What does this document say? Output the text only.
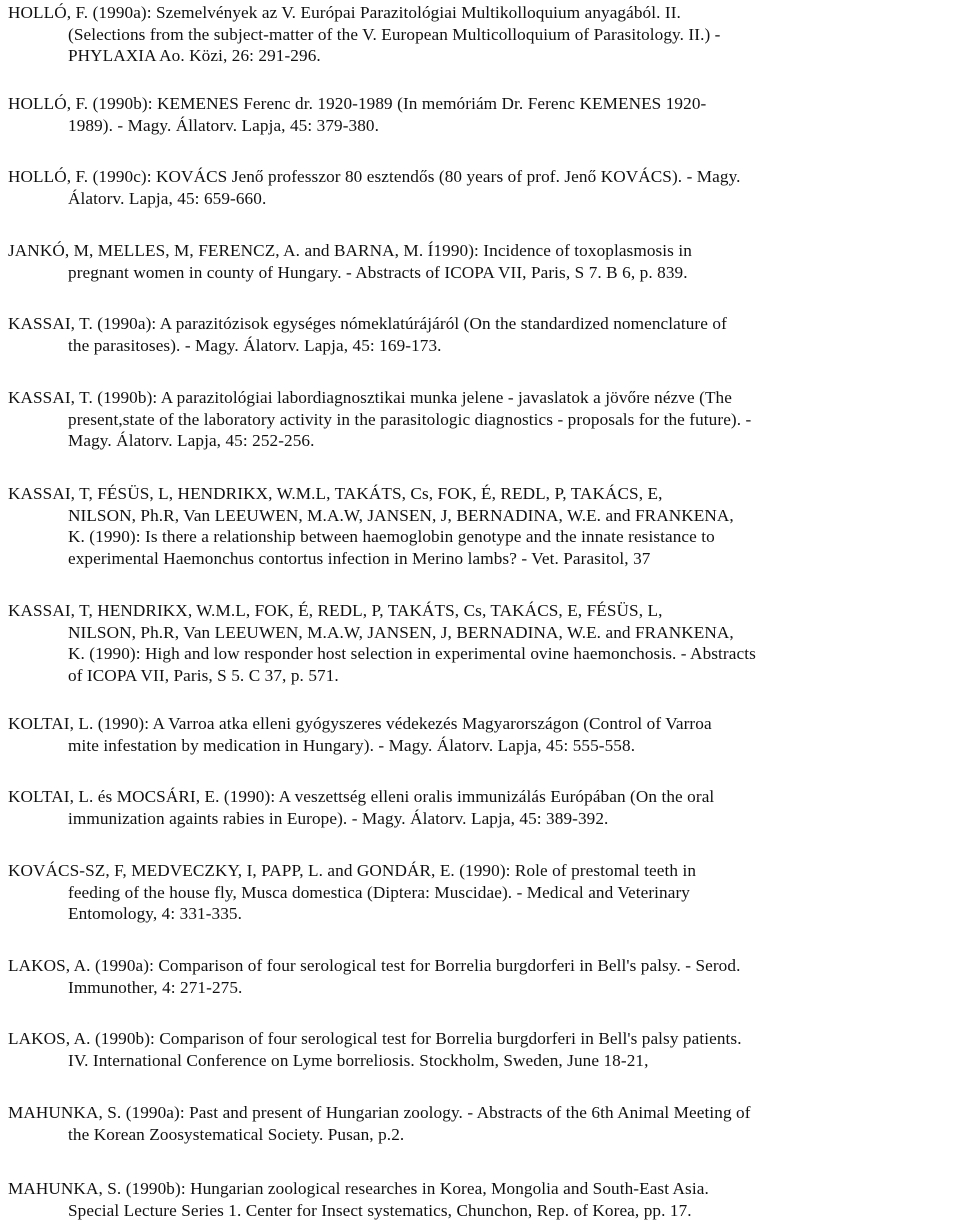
HOLLÓ, F. (1990a): Szemelvények az V. Európai Parazitológiai Multikolloquium anyagából. II.
(Selections from the subject-matter of the V. European Multicolloquium of Parasitology. II.) -
PHYLAXIA Ao. Közi, 26: 291-296.

HOLLÓ, F. (1990b): KEMENES Ferenc dr. 1920-1989 (In memóriám Dr. Ferenc KEMENES 1920-
1989). - Magy. Állatorv. Lapja, 45: 379-380.

HOLLÓ, F. (1990c): KOVÁCS Jenő professzor 80 esztendős (80 years of prof. Jenő KOVÁCS). - Magy.
Álatorv. Lapja, 45: 659-660.

JANKÓ, M, MELLES, M, FERENCZ, A. and BARNA, M. Í1990): Incidence of toxoplasmosis in
pregnant women in county of Hungary. - Abstracts of ICOPA VII, Paris, S 7. B 6, p. 839.

KASSAI, T. (1990a): A parazitózisok egységes nómeklatúrájáról (On the standardized nomenclature of
the parasitoses). - Magy. Álatorv. Lapja, 45: 169-173.

KASSAI, T. (1990b): A parazitológiai labordiagnosztikai munka jelene - javaslatok a jövőre nézve (The
present,state of the laboratory activity in the parasitologic diagnostics - proposals for the future). -
Magy. Álatorv. Lapja, 45: 252-256.

KASSAI, T, FÉSÜS, L, HENDRIKX, W.M.L, TAKÁTS, Cs, FOK, É, REDL, P, TAKÁCS, E,
NILSON, Ph.R, Van LEEUWEN, M.A.W, JANSEN, J, BERNADINA, W.E. and FRANKENA,
K. (1990): Is there a relationship between haemoglobin genotype and the innate resistance to
experimental Haemonchus contortus infection in Merino lambs? - Vet. Parasitol, 37

KASSAI, T, HENDRIKX, W.M.L, FOK, É, REDL, P, TAKÁTS, Cs, TAKÁCS, E, FÉSÜS, L,
NILSON, Ph.R, Van LEEUWEN, M.A.W, JANSEN, J, BERNADINA, W.E. and FRANKENA,
K. (1990): High and low responder host selection in experimental ovine haemonchosis. - Abstracts
of ICOPA VII, Paris, S 5. C 37, p. 571.

KOLTAI, L. (1990): A Varroa atka elleni gyógyszeres védekezés Magyarországon (Control of Varroa
mite infestation by medication in Hungary). - Magy. Álatorv. Lapja, 45: 555-558.

KOLTAI, L. és MOCSÁRI, E. (1990): A veszettség elleni oralis immunizálás Európában (On the oral
immunization againts rabies in Europe). - Magy. Álatorv. Lapja, 45: 389-392.

KOVÁCS-SZ, F, MEDVECZKY, I, PAPP, L. and GONDÁR, E. (1990): Role of prestomal teeth in
feeding of the house fly, Musca domestica (Diptera: Muscidae). - Medical and Veterinary
Entomology, 4: 331-335.

LAKOS, A. (1990a): Comparison of four serological test for Borrelia burgdorferi in Bell's palsy. - Serod.
Immunother, 4: 271-275.

LAKOS, A. (1990b): Comparison of four serological test for Borrelia burgdorferi in Bell's palsy patients.
IV. International Conference on Lyme borreliosis. Stockholm, Sweden, June 18-21,

MAHUNKA, S. (1990a): Past and present of Hungarian zoology. - Abstracts of the 6th Animal Meeting of
the Korean Zoosystematical Society. Pusan, p.2.

MAHUNKA, S. (1990b): Hungarian zoological researches in Korea, Mongolia and South-East Asia.
Special Lecture Series 1. Center for Insect systematics, Chunchon, Rep. of Korea, pp. 17.
